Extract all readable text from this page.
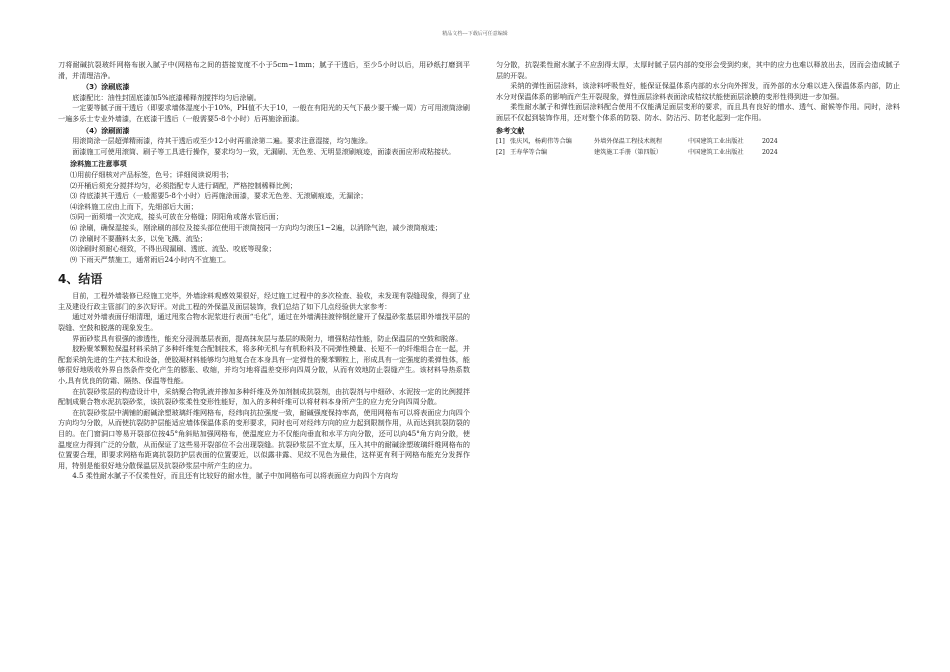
精品文档---下载后可任意编辑

刀将耐碱抗裂玻纤网格布嵌入腻子中(网格布之间的搭接宽度不小于5cm~1mm；腻子干透后，至少5小时以后，用砂纸打磨到平滑，并清理洁净。

（3）涂刷底漆

底漆配比：油性封固底漆加5%底漆稀释剂搅拌均匀后涂刷。

一定要等腻子面干透后（即要求墙体湿度小于10%，PH值不大于10，一般在有阳光的天气下最少要干燥一周）方可用滚筒涂刷一遍多乐士专业外墙漆，在底漆干透后（一般需要5-8个小时）后再施涂面漆。

（4）涂刷面漆

用滚筒涂一层超弹精雨漆，待其干透后或至少12小时再重涂第二遍。要求注意湿接，均匀施涂。

面漆施工可使用滚筒、刷子等工具进行操作，要求均匀一致，无漏刷、无色差、无明显滚刷痕迹，面漆表面应形成粘接状。

涂料施工注意事项

⑴用前仔细核对产品标签，色号；详细阅读说明书；

⑵开桶后须充分搅拌均匀，必须指配专人进行调配，严格控制稀释比例；

⑶ 待底漆其干透后（一般需要5-8个小时）后再施涂面漆，要求无色差、无滚刷痕迹，无漏涂；

⑷涂料施工应由上而下，先细部后大面；

⑸同一面须墙一次完成，接头可放在分格缝；阴阳角或落水管后面；

⑹ 涂刷，确保湿接头，刚涂刷的部位及接头部位使用干滚筒按同一方向均匀滚压1~2遍，以消除气泡，减少滚筒痕迹；

⑺ 涂刷时不要蘸料太多，以免飞溅、流坠；

⑻涂刷时须耐心细致，不得出现漏刷、透底、流坠、咬底等现象；

⑼ 下雨天严禁施工，通常雨后24小时内不宜施工。

4、结语

目前，工程外墙装修已经施工完毕，外墙涂料观感效果很好，经过施工过程中的多次检查、验收，未发现有裂缝现象，得到了业主及建设行政主管部门的多次好评。对此工程的外保温及面层装饰，我们总结了如下几点经验供大家参考：

通过对外墙表面仔细清理，通过甩浆合物水泥浆进行表面“毛化”，通过在外墙满挂渡锌钢丝避开了保温砂浆基层即外墙找平层的裂缝、空鼓和脱落的现象发生。

界面砂浆具有很强的渗透性，能充分浸润基层表面，提高抹灰层与基层的吸附力，增强粘结性能，防止保温层的空鼓和脱落。

胶粉聚苯颗粒保温材料采纳了多种纤维复合配制技术，将多种无机与有机粉料及不同弹性模量、长短不一的纤维组合在一起，并配套采纳先进的生产技术和设备，使胶凝材料能够均匀地复合在本身具有一定弹性的聚苯颗粒上，形成具有一定强度的柔弹性体，能够很好地吸收外界自然条件变化产生的膨胀、收缩，并均匀地将温差变形向四周分散，从而有效地防止裂缝产生。该材料导热系数小,具有优良的防霜、隔热、保温等性能。

在抗裂砂浆层的构造设计中，采纳聚合物乳液并掺加多种纤维及外加剂制成抗裂剂，由抗裂剂与中细砂、水泥按一定的比例搅拌配制成聚合物水泥抗裂砂浆，该抗裂砂浆柔性变形性能好，加入的多种纤维可以将材料本身所产生的应力充分向四周分散。

在抗裂砂浆层中满铺的耐碱涂塑玻璃纤维网格布，经纬向抗拉强度一致，耐碱强度保持率高，使用网格布可以将表面应力向四个方向均匀分散，从而使抗裂防护层能适应墙体保温体系的变形要求，同时也可对经纬方向的应力起到限制作用，从而达到抗裂防裂的目的。在门窗洞口等易开裂部位按45°角斜贴加强网格布，使温度应力不仅能向垂直和水平方向分散，还可以向45°角方向分散，使温度应力得到广泛的分散，从而保证了这些易开裂部位不会出现裂缝。抗裂砂浆层不宜太厚，压入其中的耐碱涂塑玻璃纤维网格布的位置要合理，即要求网格布距离抗裂防护层表面的位置要近，以似露非露、见纹不见色为最佳，这样更有利于网格布能充分发挥作用，特别是能很好地分散保温层及抗裂砂浆层中所产生的应力。

4.5 柔性耐水腻子不仅柔性好，而且还有比较好的耐水性，腻子中加网格布可以将表面应力向四个方向均

匀分散，抗裂柔性耐水腻子不应刮得太厚，太厚时腻子层内部的变形会受到约束，其中的应力也难以释放出去，因而会造成腻子层的开裂。

采纳的弹性面层涂料，该涂料呼吸性好，能保证保温体系内部的水分向外挥发，而外部的水分难以进入保温体系内部，防止水分对保温体系的影响而产生开裂现象，弹性面层涂料表面涂成桔纹状能使面层涂膜的变形性得到进一步加强。

柔性耐水腻子和弹性面层涂料配合使用不仅能满足面层变形的要求，而且具有良好的憎水、透气、耐候等作用。同时，涂料面层不仅起到装饰作用，还对整个体系的防裂、防水、防沾污、防老化起到一定作用。

参考文献

[1] 张庆风，杨莉伟等合编	外墙外保温工程技术规程	中国建筑工业出版社	2024
[2] 王寿华等合编	建筑施工手册（第四版）	中国建筑工业出版社	2024
